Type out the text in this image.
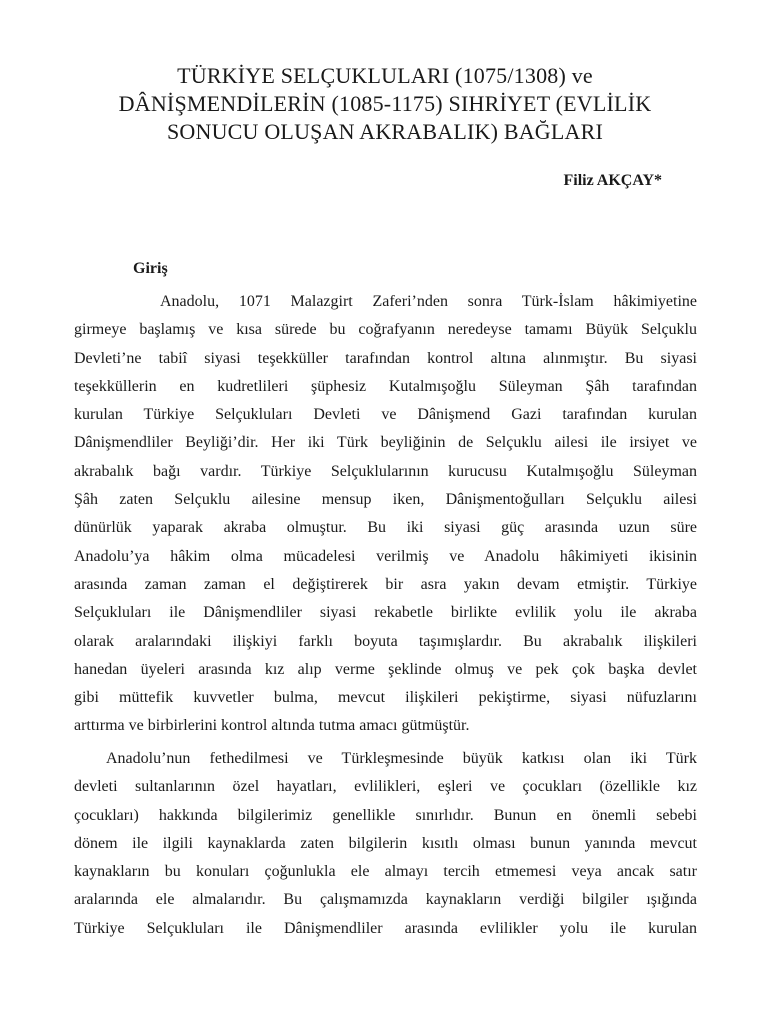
TÜRKİYE SELÇUKLULARI (1075/1308) ve
DÂNİŞMENDİLERİN (1085-1175) SIHRİYET (EVLİLİK
SONUCU OLUŞAN AKRABALIK) BAĞLARI
Filiz AKÇAY*
Giriş
Anadolu, 1071 Malazgirt Zaferi’nden sonra Türk-İslam hâkimiyetine
girmeye başlamış ve kısa sürede bu coğrafyanın neredeyse tamamı Büyük Selçuklu
Devleti’ne tabiî siyasi teşekküller tarafından kontrol altına alınmıştır. Bu siyasi
teşekküllerin en kudretlileri şüphesiz Kutalmışoğlu Süleyman Şâh tarafından
kurulan Türkiye Selçukluları Devleti ve Dânişmend Gazi tarafından kurulan
Dânişmendliler Beyliği’dir. Her iki Türk beyliğinin de Selçuklu ailesi ile irsiyet ve
akrabalık bağı vardır. Türkiye Selçuklularının kurucusu Kutalmışoğlu Süleyman
Şâh zaten Selçuklu ailesine mensup iken, Dânişmentoğulları Selçuklu ailesi
dünürlük yaparak akraba olmuştur. Bu iki siyasi güç arasında uzun süre
Anadolu’ya hâkim olma mücadelesi verilmiş ve Anadolu hâkimiyeti ikisinin
arasında zaman zaman el değiştirerek bir asra yakın devam etmiştir. Türkiye
Selçukluları ile Dânişmendliler siyasi rekabetle birlikte evlilik yolu ile akraba
olarak aralarındaki ilişkiyi farklı boyuta taşımışlardır. Bu akrabalık ilişkileri
hanedan üyeleri arasında kız alıp verme şeklinde olmuş ve pek çok başka devlet
gibi müttefik kuvvetler bulma, mevcut ilişkileri pekiştirme, siyasi nüfuzlarını
arttırma ve birbirlerini kontrol altında tutma amacı gütmüştür.
Anadolu’nun fethedilmesi ve Türkleşmesinde büyük katkısı olan iki Türk
devleti sultanlarının özel hayatları, evlilikleri, eşleri ve çocukları (özellikle kız
çocukları) hakkında bilgilerimiz genellikle sınırlıdır. Bunun en önemli sebebi
dönem ile ilgili kaynaklarda zaten bilgilerin kısıtlı olması bunun yanında mevcut
kaynakların bu konuları çoğunlukla ele almayı tercih etmemesi veya ancak satır
aralarında ele almalarıdır. Bu çalışmamızda kaynakların verdiği bilgiler ışığında
Türkiye Selçukluları ile Dânişmendliler arasında evlilikler yolu ile kurulan
